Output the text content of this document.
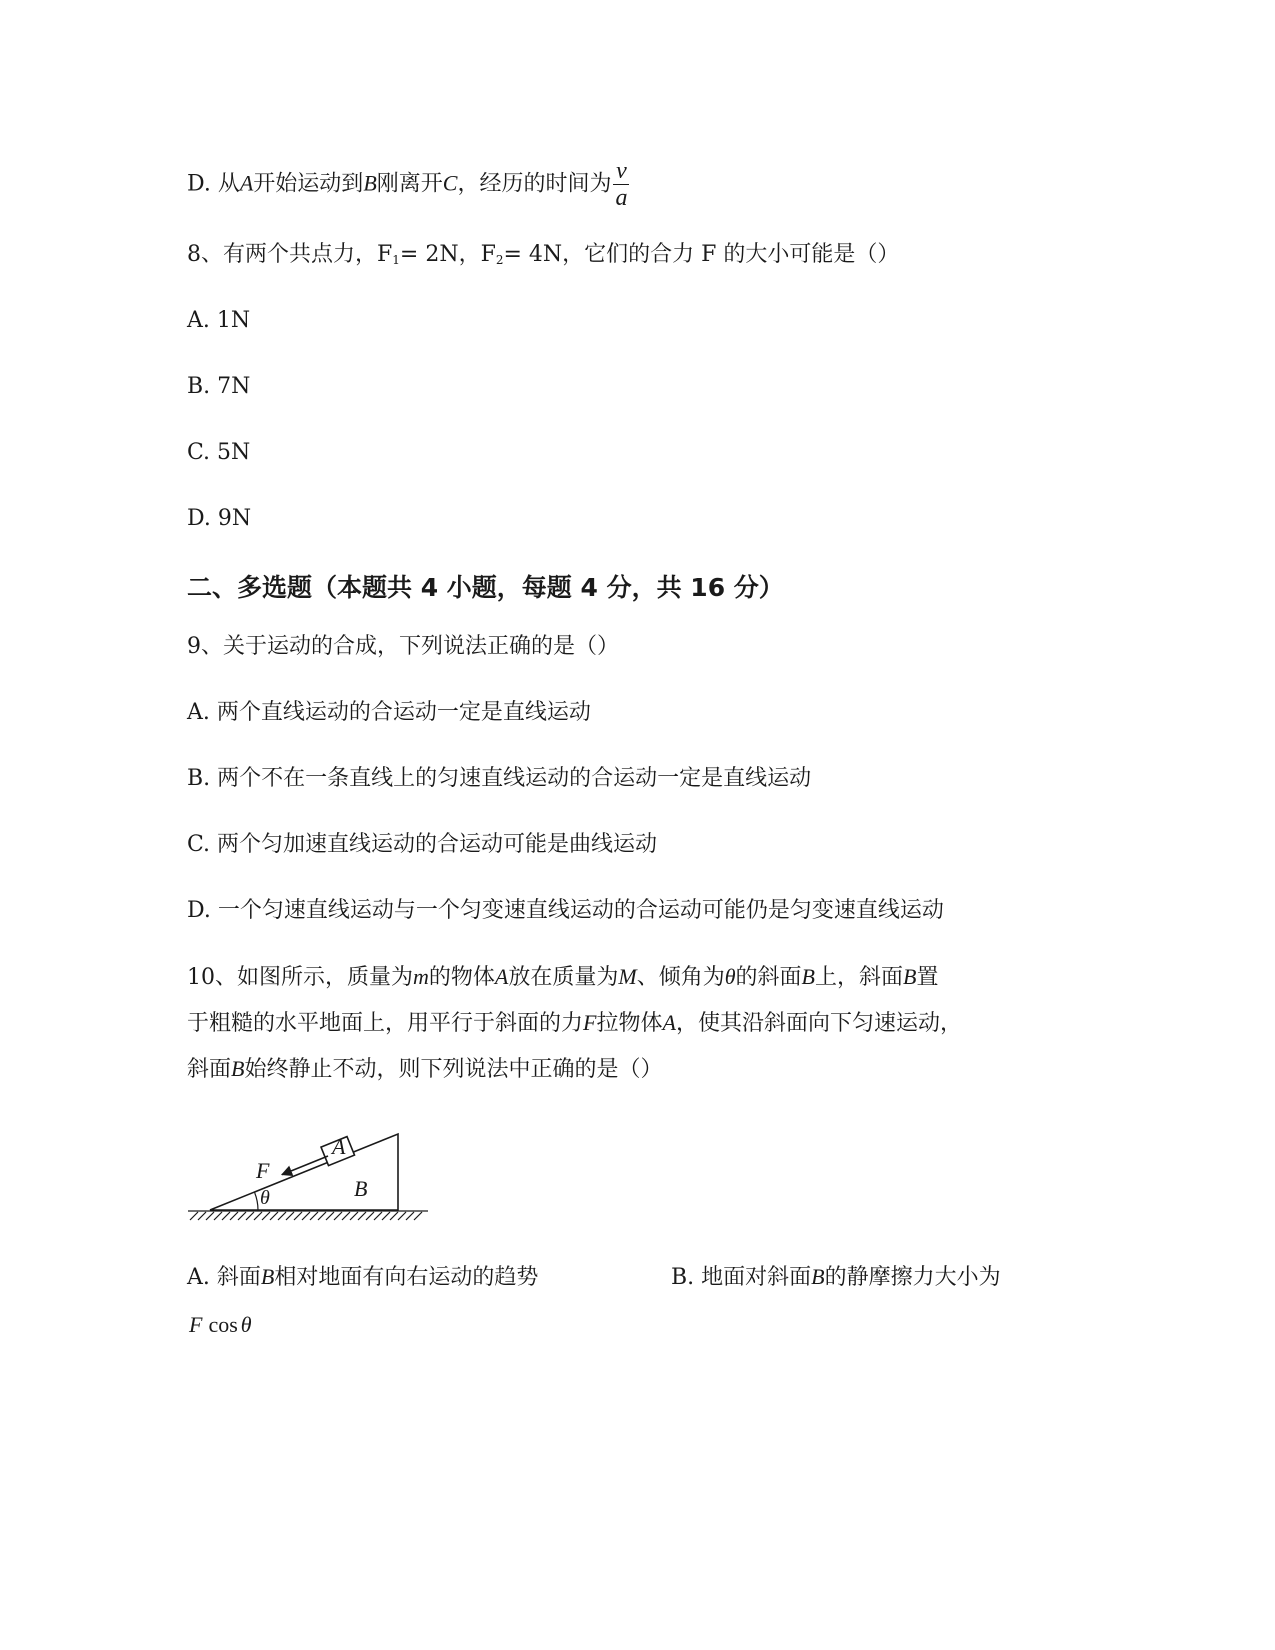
D. 从A开始运动到B刚离开C，经历的时间为 $\frac{v}{a}$
8、有两个共点力，$F_1= 2N$，$F_2= 4N$，它们的合力 F 的大小可能是（）
A. 1N
B. 7N
C. 5N
D. 9N
二、多选题（本题共 4 小题，每题 4 分，共 16 分）
9、关于运动的合成，下列说法正确的是（）
A. 两个直线运动的合运动一定是直线运动
B. 两个不在一条直线上的匀速直线运动的合运动一定是直线运动
C. 两个匀加速直线运动的合运动可能是曲线运动
D. 一个匀速直线运动与一个匀变速直线运动的合运动可能仍是匀变速直线运动
10、如图所示，质量为m的物体A放在质量为M、倾角为θ的斜面B上，斜面B置
于粗糙的水平地面上，用平行于斜面的力F拉物体A，使其沿斜面向下匀速运动，
斜面B始终静止不动，则下列说法中正确的是（）
A
F
B
θ
A. 斜面B相对地面有向右运动的趋势	B. 地面对斜面B的静摩擦力大小为
F cos θ
